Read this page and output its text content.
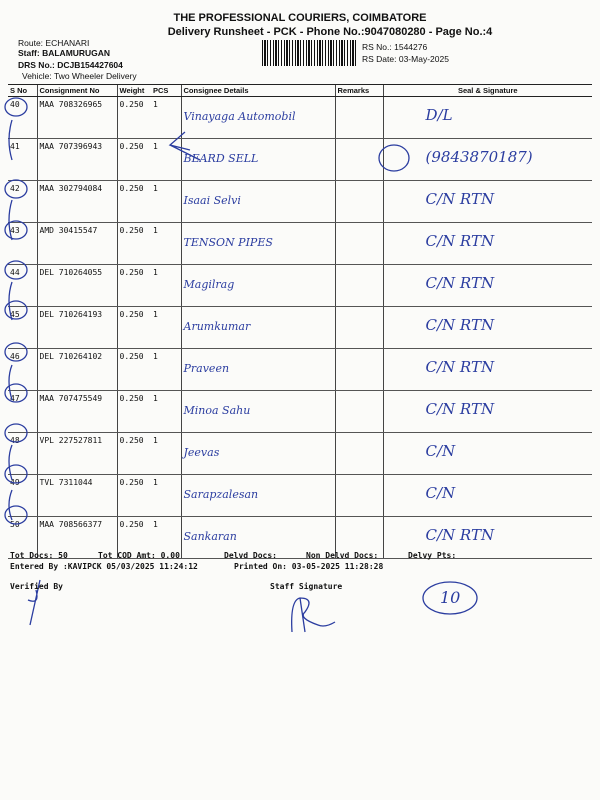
THE PROFESSIONAL COURIERS, COIMBATORE
Delivery Runsheet - PCK - Phone No.:9047080280 - Page No.:4
Route: ECHANARI
Staff: BALAMURUGAN
DRS No.: DCJB154427604
Vehicle: Two Wheeler Delivery
RS No.: 1544276
RS Date: 03-May-2025
S No	Consignment No	Weight	PCS	Consignee Details	Remarks	Seal & Signature
40	MAA 708326965	0.250	1	Vinayaga Automobil		D/L
41	MAA 707396943	0.250	1	BEARD SELL		(9843870187)
42	MAA 302794084	0.250	1	Isaai Selvi		C/N RTN
43	AMD 30415547	0.250	1	TENSON PIPES		C/N RTN
44	DEL 710264055	0.250	1	Magilrag		C/N RTN
45	DEL 710264193	0.250	1	Arumkumar		C/N RTN
46	DEL 710264102	0.250	1	Praveen		C/N RTN
47	MAA 707475549	0.250	1	Minoa Sahu		C/N RTN
48	VPL 227527811	0.250	1	Jeevas		C/N
49	TVL 7311044	0.250	1	Sarapzalesan		C/N
50	MAA 708566377	0.250	1	Sankaran		C/N RTN
Tot Docs: 50	Tot COD Amt: 0.00	Delvd Docs:	Non Delvd Docs:	Delvy Pts:
Entered By :KAVIPCK 05/03/2025 11:24:12	Printed On: 03-05-2025 11:28:28
Verified By	Staff Signature
10
